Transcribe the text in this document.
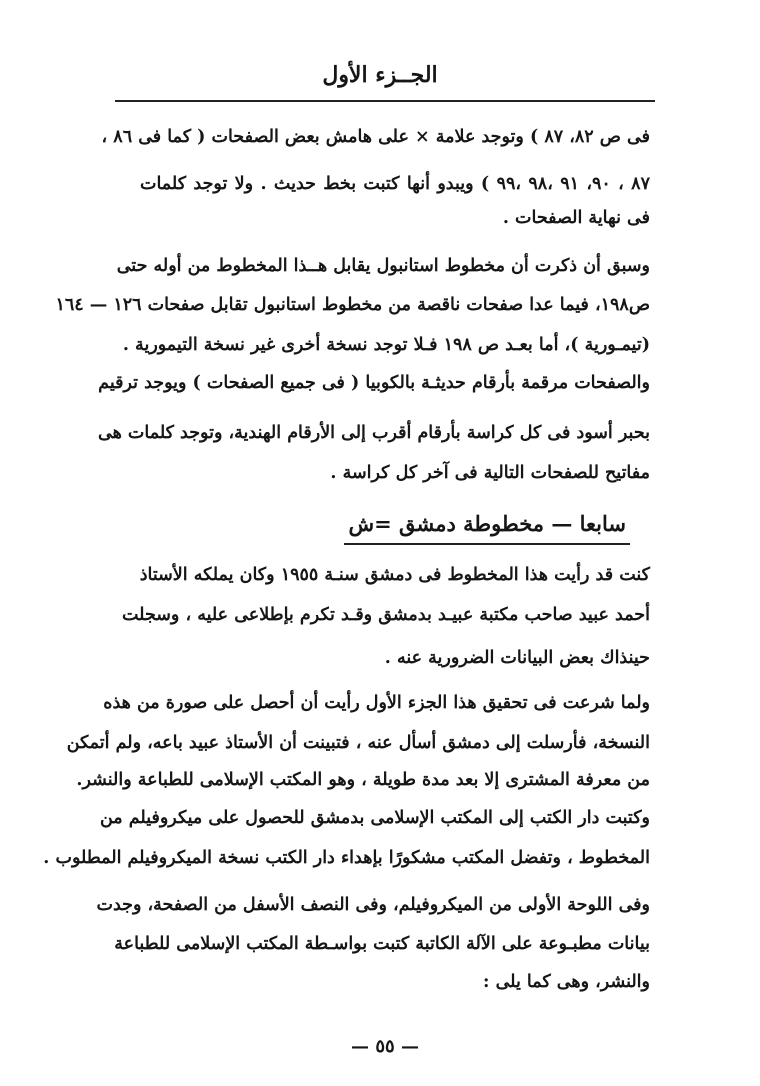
الجــزء الأول
فى ص ٨٢، ٨٧ ) وتوجد علامة × على هامش بعض الصفحات ( كما فى ٨٦ ،
٨٧ ، ٩٠، ٩١ ،٩٨ ،٩٩ ) ويبدو أنها كتبت بخط حديث . ولا توجد كلمات
فى نهاية الصفحات .
وسبق أن ذكرت أن مخطوط استانبول يقابل هــذا المخطوط من أوله حتى
ص١٩٨، فيما عدا صفحات ناقصة من مخطوط استانبول تقابل صفحات ١٢٦ — ١٦٤
(تيمـورية )، أما بعـد ص ١٩٨ فـلا توجد نسخة أخرى غير نسخة التيمورية .
والصفحات مرقمة بأرقام حديثـة بالكوبيا ( فى جميع الصفحات ) ويوجد ترقيم
بحبر أسود فى كل كراسة بأرقام أقرب إلى الأرقام الهندية، وتوجد كلمات هى
مفاتيح للصفحات التالية فى آخر كل كراسة .
سابعا — مخطوطة دمشق =ش
كنت قد رأيت هذا المخطوط فى دمشق سنـة ١٩٥٥ وكان يملكه الأستاذ
أحمد عبيد صاحب مكتبة عبيـد بدمشق وقـد تكرم بإطلاعى عليه ، وسجلت
حينذاك بعض البيانات الضرورية عنه .
ولما شرعت فى تحقيق هذا الجزء الأول رأيت أن أحصل على صورة من هذه
النسخة، فأرسلت إلى دمشق أسأل عنه ، فتبينت أن الأستاذ عبيد باعه، ولم أتمكن
من معرفة المشترى إلا بعد مدة طويلة ، وهو المكتب الإسلامى للطباعة والنشر.
وكتبت دار الكتب إلى المكتب الإسلامى بدمشق للحصول على ميكروفيلم من
المخطوط ، وتفضل المكتب مشكورًا بإهداء دار الكتب نسخة الميكروفيلم المطلوب .
وفى اللوحة الأولى من الميكروفيلم، وفى النصف الأسفل من الصفحة، وجدت
بيانات مطبـوعة على الآلة الكاتبة كتبت بواسـطة المكتب الإسلامى للطباعة
والنشر، وهى كما يلى :
— ٥٥ —
